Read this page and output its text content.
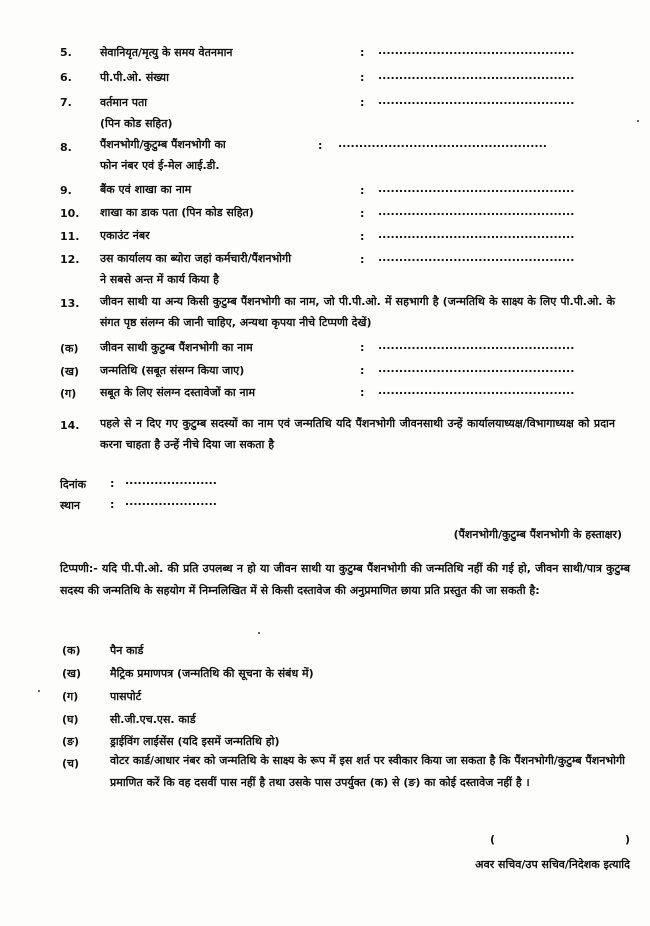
5.	सेवानियृत/मृत्यु के समय वेतनमान	: ...............................................
6.	पी.पी.ओ. संख्या	: ...............................................
7.	वर्तमान पता	: ...............................................
(पिन कोड सहित)
8.	पैंशनभोगी/कुटुम्ब पैंशनभोगी का	: ..................................................
फोन नंबर एवं ई-मेल आई.डी.
9.	बैंक एवं शाखा का नाम	: ...............................................
10. शाखा का डाक पता (पिन कोड सहित)	: ...............................................
11. एकाउंट नंबर	: ...............................................
12. उस कार्यालय का ब्योरा जहां कर्मचारी/पैंशनभोगी	: ...............................................
ने सबसे अन्त में कार्य किया है
13. जीवन साथी या अन्य किसी कुटुम्ब पैंशनभोगी का नाम, जो पी.पी.ओ. में सहभागी है (जन्मतिथि के साक्ष्य के लिए पी.पी.ओ. के संगत पृष्ठ संलग्न की जानी चाहिए, अन्यथा कृपया नीचे टिप्पणी देखें)
(क) जीवन साथी कुटुम्ब पैंशनभोगी का नाम	: ...............................................
(ख) जन्मतिथि (सबूत संसग्न किया जाए)	: ...............................................
(ग) सबूत के लिए संलग्न दस्तावेजों का नाम	: ...............................................
14. पहले से न दिए गए कुटुम्ब सदस्यों का नाम एवं जन्मतिथि यदि पैंशनभोगी जीवनसाथी उन्हें कार्यालयाध्यक्ष/विभागाध्यक्ष को प्रदान करना चाहता है उन्हें नीचे दिया जा सकता है
दिनांक : ......................
स्थान	: ......................
(पैंशनभोगी/कुटुम्ब पैंशनभोगी के हस्ताक्षर)
टिप्पणी:- यदि पी.पी.ओ. की प्रति उपलब्ध न हो या जीवन साथी या कुटुम्ब पैंशनभोगी की जन्मतिथि नहीं की गई हो, जीवन साथी/पात्र कुटुम्ब सदस्य की जन्मतिथि के सहयोग में निम्नलिखित में से किसी दस्तावेज की अनुप्रमाणित छाया प्रति प्रस्तुत की जा सकती है:
(क)	पैन कार्ड
(ख)	मैट्रिक प्रमाणपत्र (जन्मतिथि की सूचना के संबंध में)
(ग)	पासपोर्ट
(घ)	सी.जी.एच.एस. कार्ड
(ङ)	ड्राईविंग लाईसेंस (यदि इसमें जन्मतिथि हो)
(च)	वोटर कार्ड/आधार नंबर को जन्मतिथि के साक्ष्य के रूप में इस शर्त पर स्वीकार किया जा सकता है कि पैंशनभोगी/कुटुम्ब पैंशनभोगी प्रमाणित करें कि वह दसवीं पास नहीं है तथा उसके पास उपर्युक्त (क) से (ङ) का कोई दस्तावेज नहीं है ।
(	)
अवर सचिव/उप सचिव/निदेशक इत्यादि
